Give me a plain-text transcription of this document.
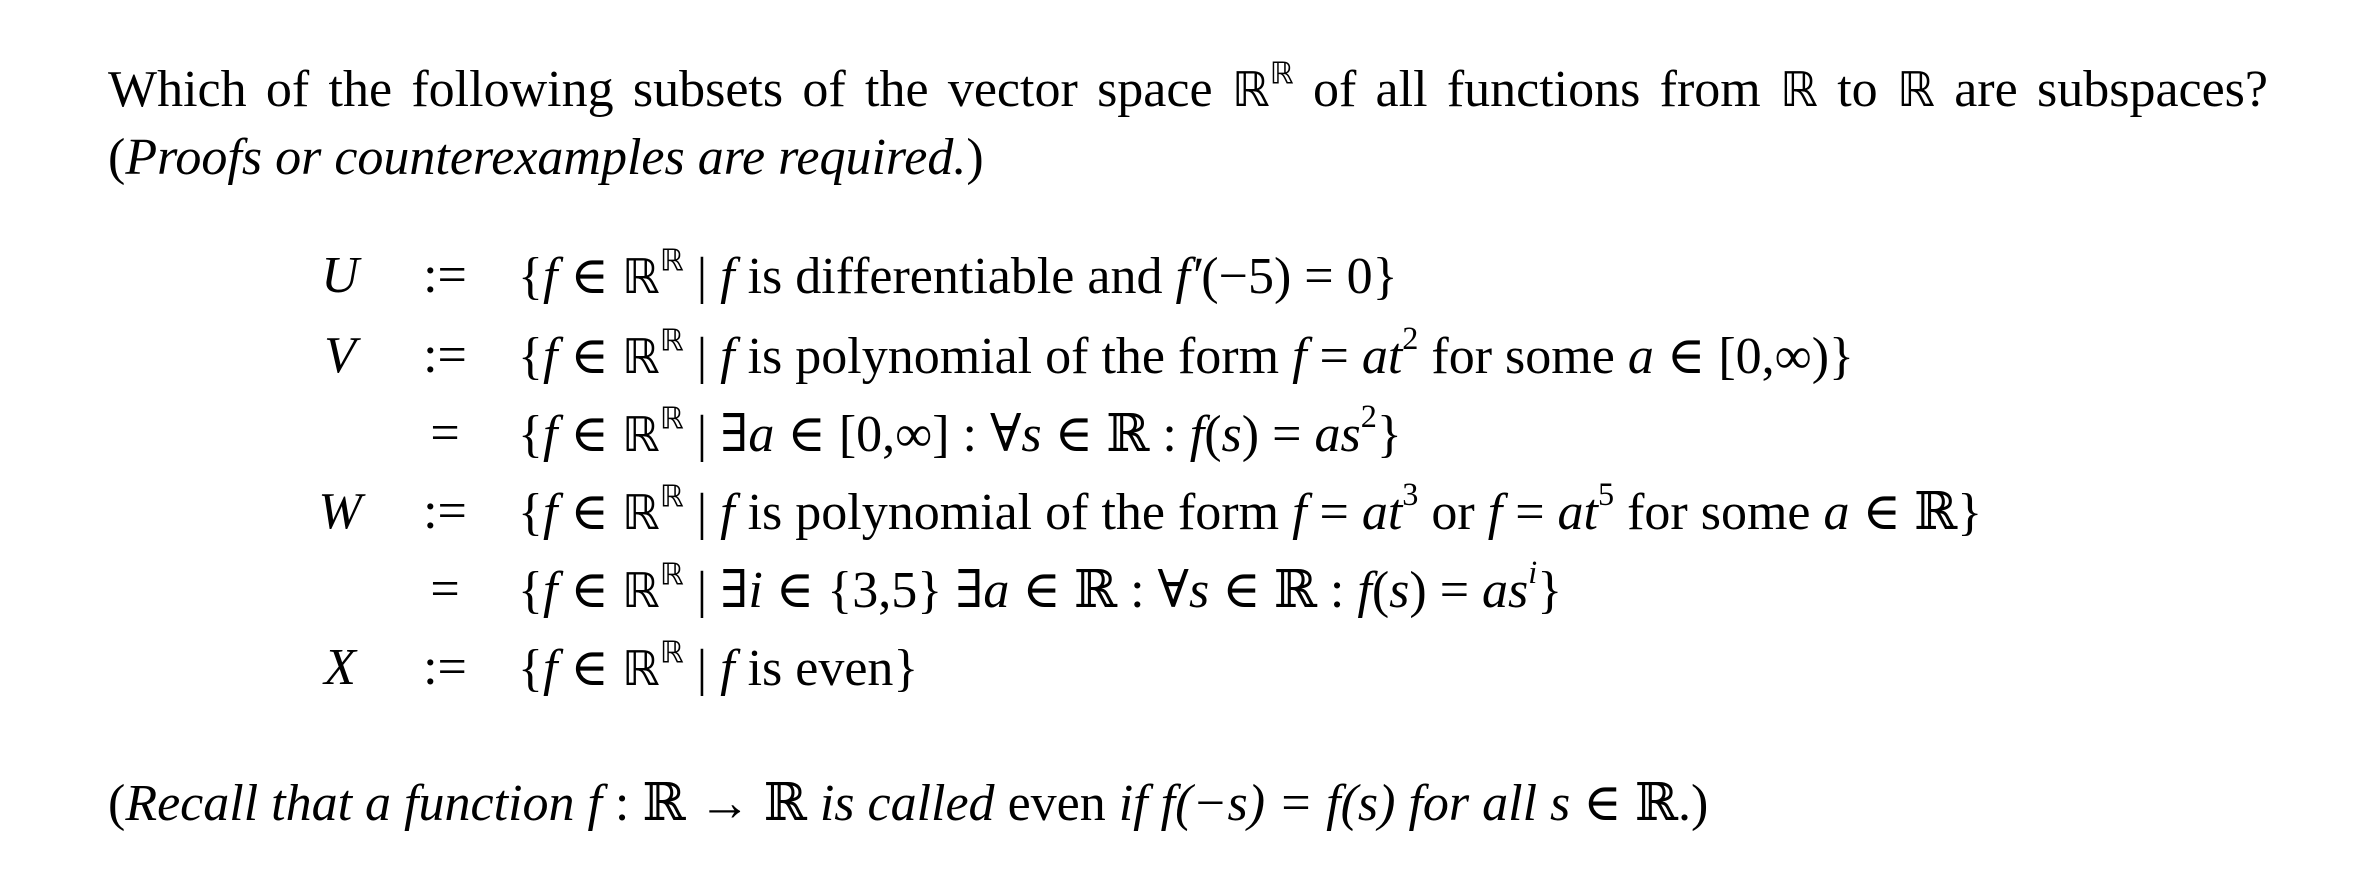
Which of the following subsets of the vector space ℝ$^ℝ$ of all functions from ℝ to ℝ are subspaces?
(Proofs or counterexamples are required.)
U	:= {f ∈ ℝ$^ℝ$ | f is differentiable and f′(−5) = 0}
V	:= {f ∈ ℝ$^ℝ$ | f is polynomial of the form $f = at^2$ for some a ∈ [0,∞)}
=	{f ∈ ℝ$^ℝ$ | ∃a ∈ [0,∞] : ∀s ∈ ℝ : $f(s) = as^2$}
W	:= {f ∈ ℝ$^ℝ$ | f is polynomial of the form $f = at^3$ or $f = at^5$ for some a ∈ ℝ}
=	{f ∈ ℝ$^ℝ$ | ∃i ∈ {3,5} ∃a ∈ ℝ : ∀s ∈ ℝ : $f(s) = as^i$}
X	:= {f ∈ ℝ$^ℝ$ | f is even}
(Recall that a function f : ℝ → ℝ is called even if f(−s) = f(s) for all s ∈ ℝ.)
